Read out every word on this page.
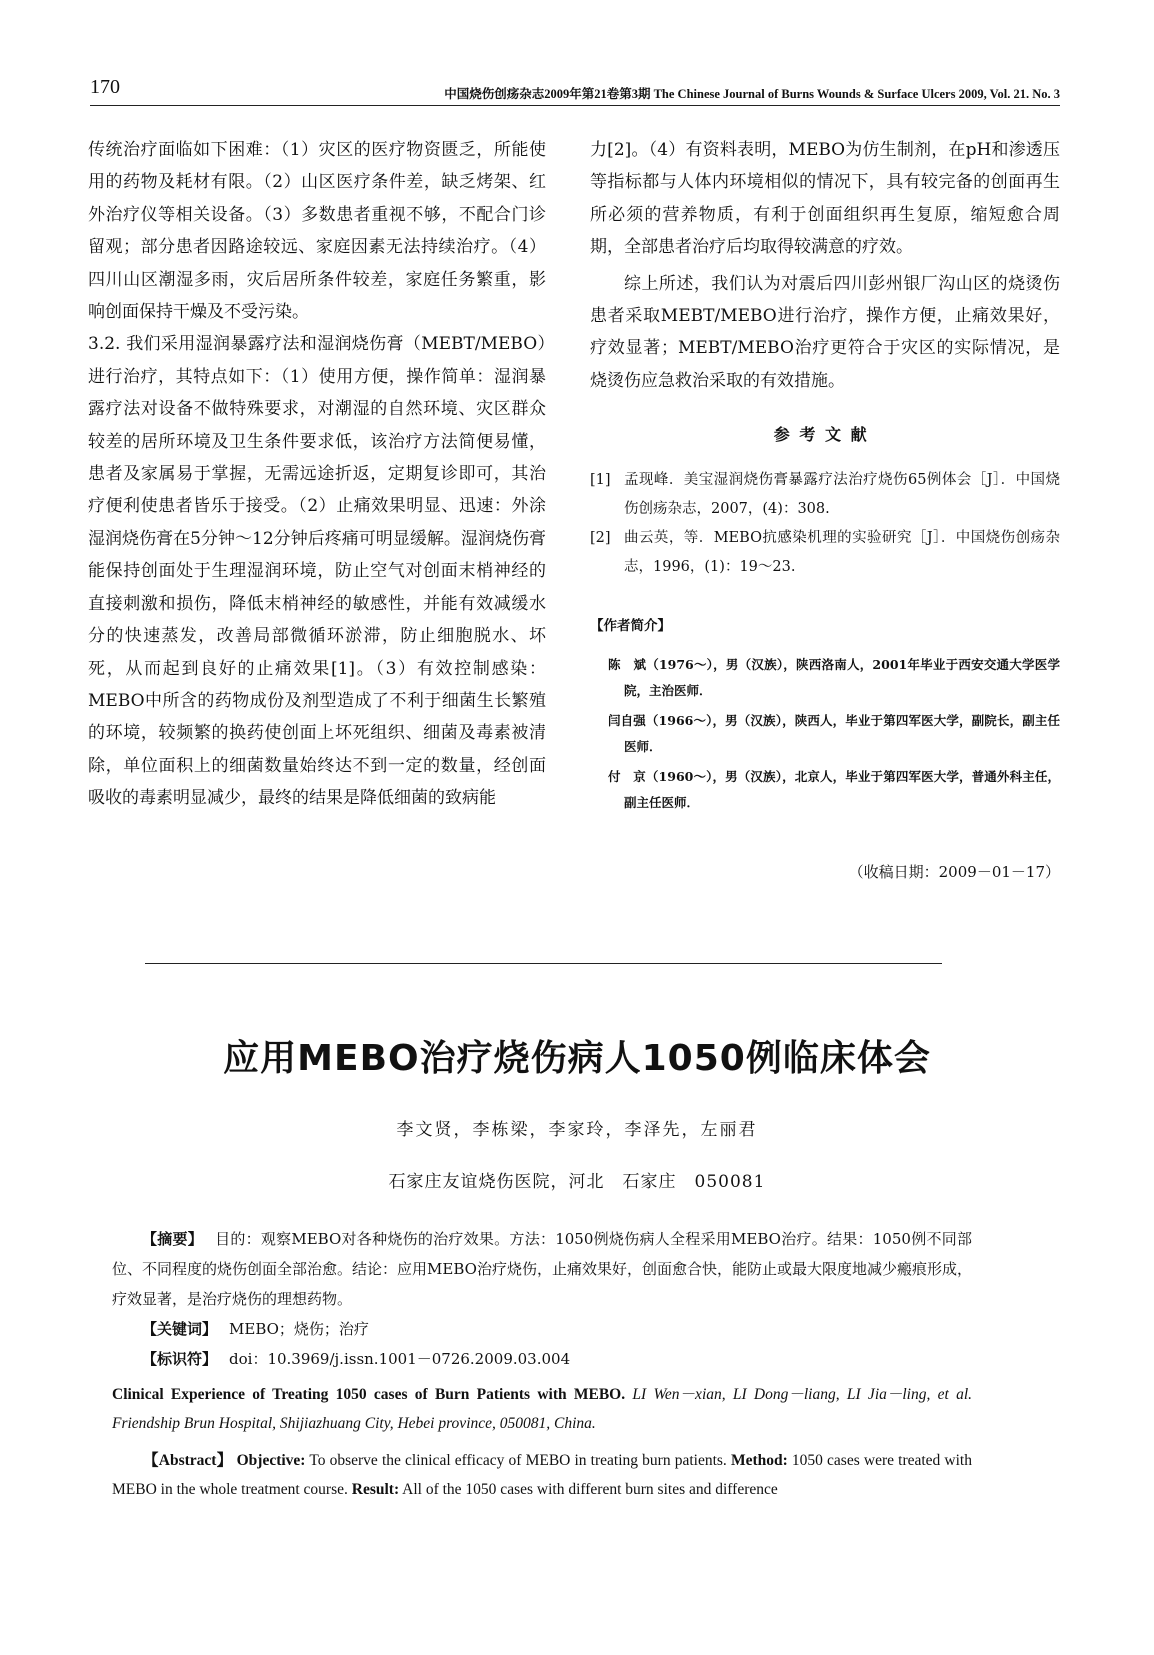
170	中国烧伤创疡杂志2009年第21卷第3期 The Chinese Journal of Burns Wounds & Surface Ulcers 2009, Vol. 21. No. 3

传统治疗面临如下困难：（1）灾区的医疗物资匮乏，所能使用的药物及耗材有限。（2）山区医疗条件差，缺乏烤架、红外治疗仪等相关设备。（3）多数患者重视不够，不配合门诊留观；部分患者因路途较远、家庭因素无法持续治疗。（4）四川山区潮湿多雨，灾后居所条件较差，家庭任务繁重，影响创面保持干燥及不受污染。

3.2. 我们采用湿润暴露疗法和湿润烧伤膏（MEBT/MEBO）进行治疗，其特点如下：（1）使用方便，操作简单：湿润暴露疗法对设备不做特殊要求，对潮湿的自然环境、灾区群众较差的居所环境及卫生条件要求低，该治疗方法简便易懂，患者及家属易于掌握，无需远途折返，定期复诊即可，其治疗便利使患者皆乐于接受。（2）止痛效果明显、迅速：外涂湿润烧伤膏在5分钟～12分钟后疼痛可明显缓解。湿润烧伤膏能保持创面处于生理湿润环境，防止空气对创面末梢神经的直接刺激和损伤，降低末梢神经的敏感性，并能有效减缓水分的快速蒸发，改善局部微循环淤滞，防止细胞脱水、坏死，从而起到良好的止痛效果[1]。（3）有效控制感染：MEBO中所含的药物成份及剂型造成了不利于细菌生长繁殖的环境，较频繁的换药使创面上坏死组织、细菌及毒素被清除，单位面积上的细菌数量始终达不到一定的数量，经创面吸收的毒素明显减少，最终的结果是降低细菌的致病能

力[2]。（4）有资料表明，MEBO为仿生制剂，在pH和渗透压等指标都与人体内环境相似的情况下，具有较完备的创面再生所必须的营养物质，有利于创面组织再生复原，缩短愈合周期，全部患者治疗后均取得较满意的疗效。

综上所述，我们认为对震后四川彭州银厂沟山区的烧烫伤患者采取MEBT/MEBO进行治疗，操作方便，止痛效果好，疗效显著；MEBT/MEBO治疗更符合于灾区的实际情况，是烧烫伤应急救治采取的有效措施。

参考文献
[1] 孟现峰．美宝湿润烧伤膏暴露疗法治疗烧伤65例体会［J］．中国烧伤创疡杂志，2007，(4)：308.
[2] 曲云英，等．MEBO抗感染机理的实验研究［J］．中国烧伤创疡杂志，1996，(1)：19～23.
【作者简介】
陈　斌（1976～），男（汉族），陕西洛南人，2001年毕业于西安交通大学医学院，主治医师．
闫自强（1966～），男（汉族），陕西人，毕业于第四军医大学，副院长，副主任医师．
付　京（1960～），男（汉族），北京人，毕业于第四军医大学，普通外科主任，副主任医师．
（收稿日期：2009－01－17）
应用MEBO治疗烧伤病人1050例临床体会
李文贤，李栋梁，李家玲，李泽先，左丽君
石家庄友谊烧伤医院，河北　石家庄　050081

【摘要】 目的：观察MEBO对各种烧伤的治疗效果。方法：1050例烧伤病人全程采用MEBO治疗。结果：1050例不同部位、不同程度的烧伤创面全部治愈。结论：应用MEBO治疗烧伤，止痛效果好，创面愈合快，能防止或最大限度地减少瘢痕形成，疗效显著，是治疗烧伤的理想药物。

【关键词】 MEBO；烧伤；治疗

【标识符】 doi：10.3969/j.issn.1001－0726.2009.03.004

Clinical Experience of Treating 1050 cases of Burn Patients with MEBO. LI Wen－xian, LI Dong－liang, LI Jia－ling, et al. Friendship Brun Hospital, Shijiazhuang City, Hebei province, 050081, China.

【Abstract】 Objective: To observe the clinical efficacy of MEBO in treating burn patients. Method: 1050 cases were treated with MEBO in the whole treatment course. Result: All of the 1050 cases with different burn sites and difference
